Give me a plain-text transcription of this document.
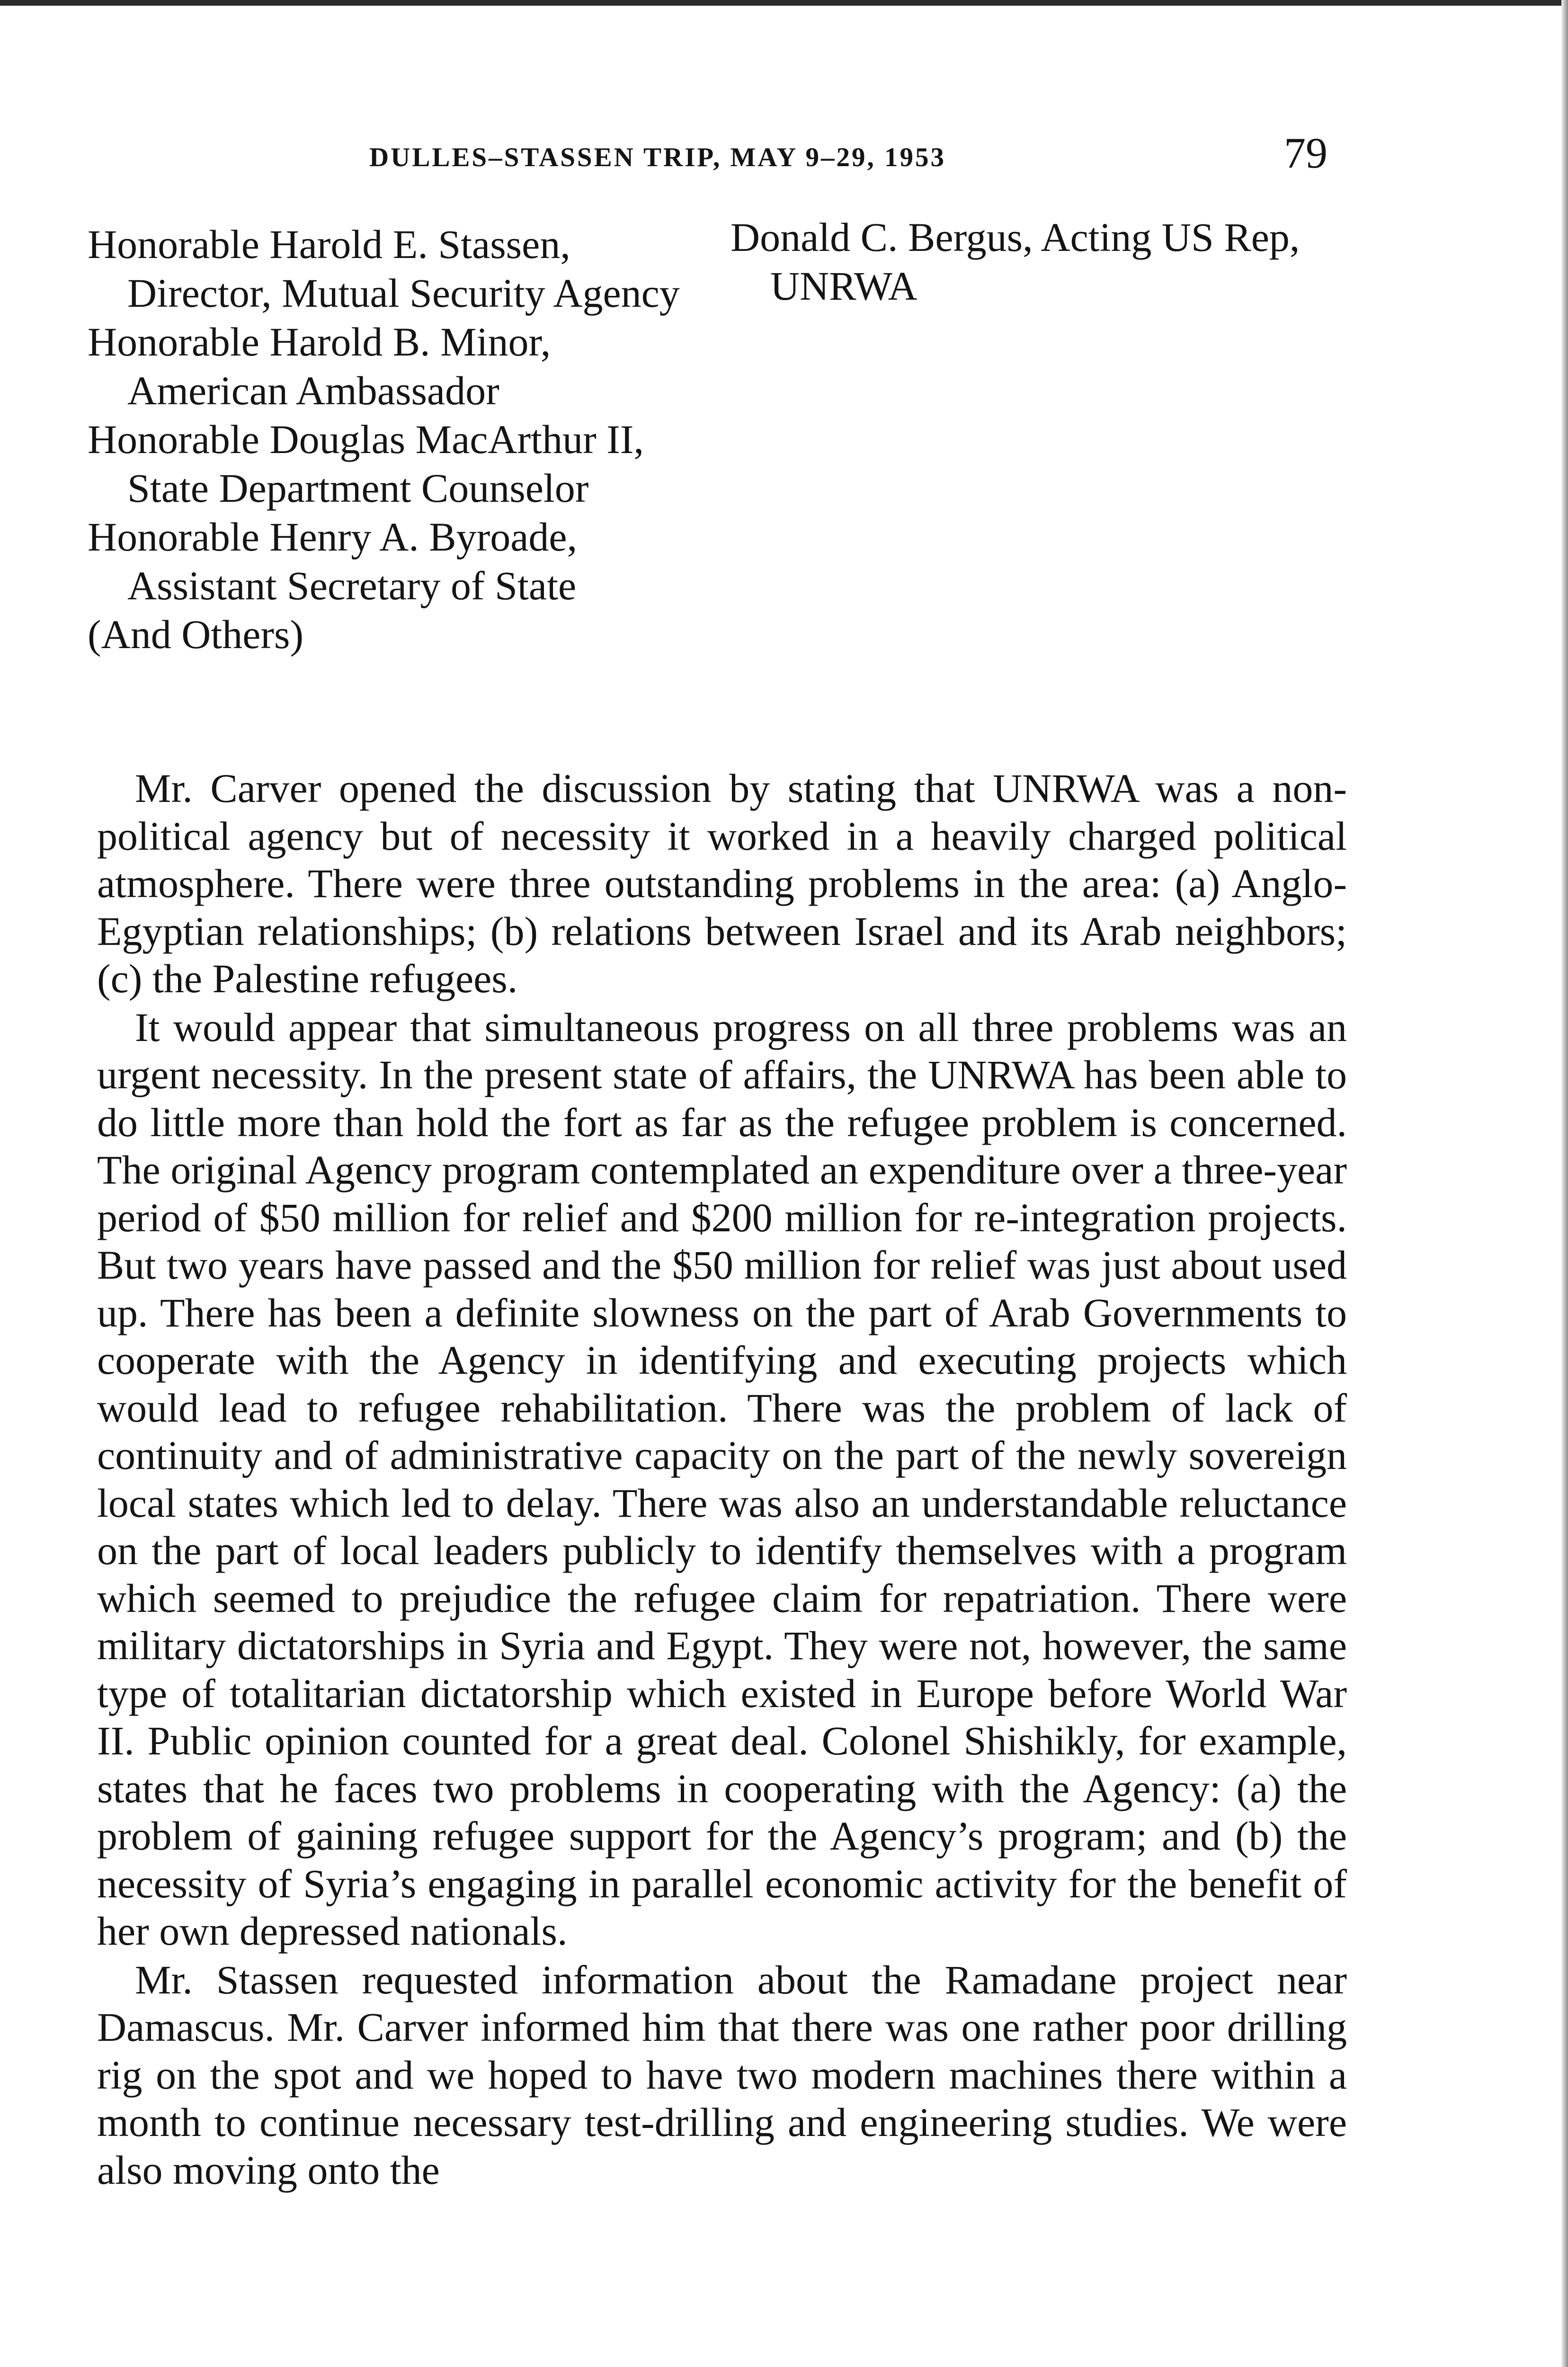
DULLES–STASSEN TRIP, MAY 9–29, 1953	79
Honorable Harold E. Stassen, Director, Mutual Security Agency
Honorable Harold B. Minor, American Ambassador
Honorable Douglas MacArthur II, State Department Counselor
Honorable Henry A. Byroade, Assistant Secretary of State
(And Others)
Donald C. Bergus, Acting US Rep, UNRWA

Mr. Carver opened the discussion by stating that UNRWA was a non-political agency but of necessity it worked in a heavily charged political atmosphere. There were three outstanding problems in the area: (a) Anglo-Egyptian relationships; (b) relations between Israel and its Arab neighbors; (c) the Palestine refugees.

It would appear that simultaneous progress on all three problems was an urgent necessity. In the present state of affairs, the UNRWA has been able to do little more than hold the fort as far as the refugee problem is concerned. The original Agency program contemplated an expenditure over a three-year period of $50 million for relief and $200 million for re-integration projects. But two years have passed and the $50 million for relief was just about used up. There has been a definite slowness on the part of Arab Governments to cooperate with the Agency in identifying and executing projects which would lead to refugee rehabilitation. There was the problem of lack of continuity and of administrative capacity on the part of the newly sovereign local states which led to delay. There was also an understandable reluctance on the part of local leaders publicly to identify themselves with a program which seemed to prejudice the refugee claim for repatriation. There were military dictatorships in Syria and Egypt. They were not, however, the same type of totalitarian dictatorship which existed in Europe before World War II. Public opinion counted for a great deal. Colonel Shishikly, for example, states that he faces two problems in cooperating with the Agency: (a) the problem of gaining refugee support for the Agency’s program; and (b) the necessity of Syria’s engaging in parallel economic activity for the benefit of her own depressed nationals.

Mr. Stassen requested information about the Ramadane project near Damascus. Mr. Carver informed him that there was one rather poor drilling rig on the spot and we hoped to have two modern machines there within a month to continue necessary test-drilling and engineering studies. We were also moving onto the
